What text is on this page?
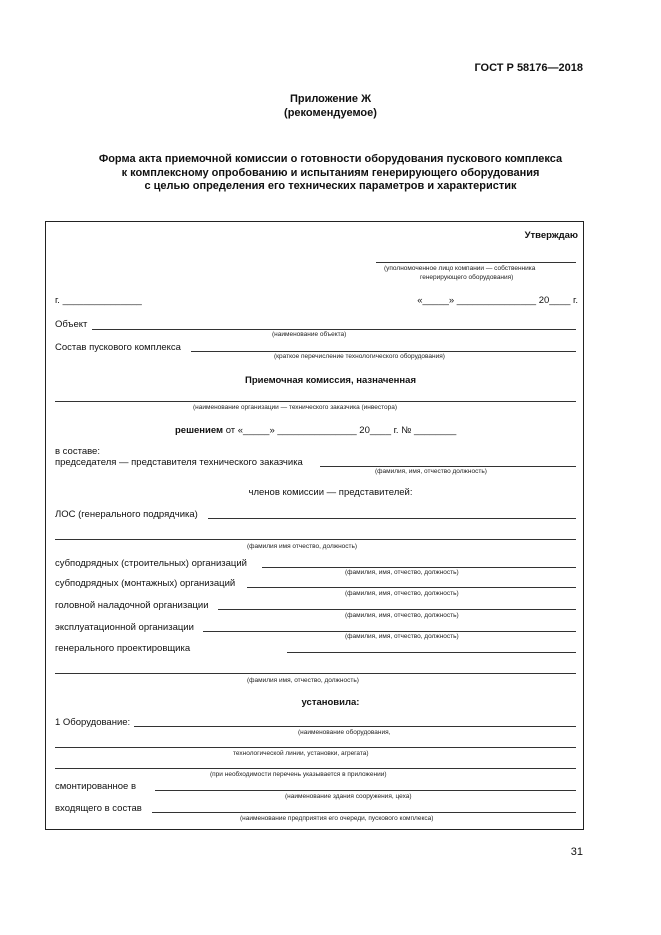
ГОСТ Р 58176—2018
Приложение Ж
(рекомендуемое)
Форма акта приемочной комиссии о готовности оборудования пускового комплекса
к комплексному опробованию и испытаниям генерирующего оборудования
с целью определения его технических параметров и характеристик
Утверждаю
(уполномоченное лицо компании — собственника
генерирующего оборудования)
г. _______________	«_____» _______________ 20____ г.
Объект
(наименование объекта)
Состав пускового комплекса
(краткое перечисление технологического оборудования)
Приемочная комиссия, назначенная
(наименование организации — технического заказчика (инвестора)
решением от «_____» _______________ 20____ г. № ________
в составе:
председателя — представителя технического заказчика
(фамилия, имя, отчество должность)
членов комиссии — представителей:
ЛОС (генерального подрядчика)
(фамилия имя отчество, должность)
субподрядных (строительных) организаций
(фамилия, имя, отчество, должность)
субподрядных (монтажных) организаций
(фамилия, имя, отчество, должность)
головной наладочной организации
(фамилия, имя, отчество, должность)
эксплуатационной организации
(фамилия, имя, отчество, должность)
генерального проектировщика
(фамилия имя, отчество, должность)
установила:
1 Оборудование:
(наименование оборудования,
технологической линии, установки, агрегата)
(при необходимости перечень указывается в приложении)
смонтированное в
(наименование здания сооружения, цеха)
входящего в состав
(наименование предприятия его очереди, пускового комплекса)
31
